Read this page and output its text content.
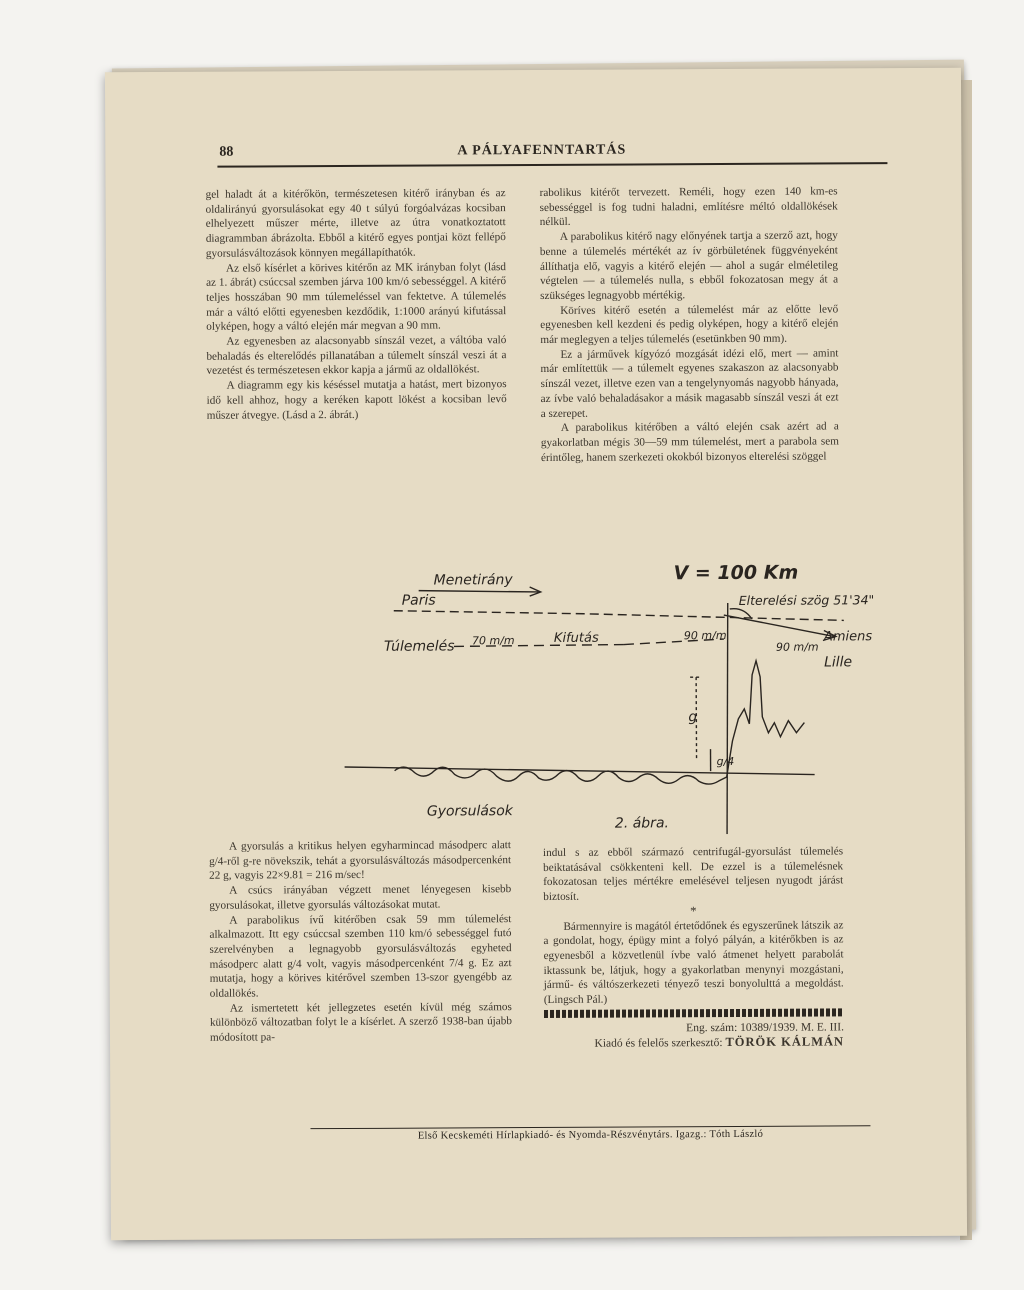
88	A PÁLYAFENNTARTÁS

gel haladt át a kitérőkön, természetesen kitérő irányban és az oldalirányú gyorsulásokat egy 40 t súlyú forgóalvázas kocsiban elhelyezett műszer mérte, illetve az útra vonatkoztatott diagrammban ábrázolta. Ebből a kitérő egyes pontjai közt fellépő gyorsulásváltozások könnyen megállapíthatók.

Az első kísérlet a körives kitérőn az MK irányban folyt (lásd az 1. ábrát) csúccsal szemben járva 100 km/ó sebességgel. A kitérő teljes hosszában 90 mm túlemeléssel van fektetve. A túlemelés már a váltó előtti egyenesben kezdődik, 1:1000 arányú kifutással olyképen, hogy a váltó elején már megvan a 90 mm.

Az egyenesben az alacsonyabb sínszál vezet, a váltóba való behaladás és elterelődés pillanatában a túlemelt sínszál veszi át a vezetést és természetesen ekkor kapja a jármű az oldallökést.

A diagramm egy kis késéssel mutatja a hatást, mert bizonyos idő kell ahhoz, hogy a keréken kapott lökést a kocsiban levő műszer átvegye. (Lásd a 2. ábrát.)

rabolikus kitérőt tervezett. Reméli, hogy ezen 140 km-es sebességgel is fog tudni haladni, említésre méltó oldallökések nélkül.

A parabolikus kitérő nagy előnyének tartja a szerző azt, hogy benne a túlemelés mértékét az ív görbületének függvényeként állíthatja elő, vagyis a kitérő elején — ahol a sugár elméletileg végtelen — a túlemelés nulla, s ebből fokozatosan megy át a szükséges legnagyobb mértékig.

Köríves kitérő esetén a túlemelést már az előtte levő egyenesben kell kezdeni és pedig olyképen, hogy a kitérő elején már meglegyen a teljes túlemelés (esetünkben 90 mm).

Ez a járművek kígyózó mozgását idézi elő, mert — amint már említettük — a túlemelt egyenes szakaszon az alacsonyabb sínszál vezet, illetve ezen van a tengelynyomás nagyobb hányada, az ívbe való behaladásakor a másik magasabb sínszál veszi át ezt a szerepet.

A parabolikus kitérőben a váltó elején csak azért ad a gyakorlatban mégis 30—59 mm túlemelést, mert a parabola sem érintőleg, hanem szerkezeti okokból bizonyos elterelési szöggel

V = 100 Km
Menetirány
Paris	Elterelési szög 51'34"
Amiens
Túlemelés 70 m/m	Kifutás	90 m/m
90 m/m
Lille
g
g/4
Gyorsulások
2. ábra.

A gyorsulás a kritikus helyen egyharmincad másodperc alatt g/4-ről g-re növekszik, tehát a gyorsulásváltozás másodpercenként 22 g, vagyis 22×9.81 = 216 m/sec!

A csúcs irányában végzett menet lényegesen kisebb gyorsulásokat, illetve gyorsulás változásokat mutat.

A parabolikus ívű kitérőben csak 59 mm túlemelést alkalmazott. Itt egy csúccsal szemben 110 km/ó sebességgel futó szerelvényben a legnagyobb gyorsulásváltozás egyheted másodperc alatt g/4 volt, vagyis másodpercenként 7/4 g. Ez azt mutatja, hogy a körives kitérővel szemben 13-szor gyengébb az oldallökés.

Az ismertetett két jellegzetes esetén kívül még számos különböző változatban folyt le a kísérlet. A szerző 1938-ban újabb módosított pa-

indul s az ebből származó centrifugál-gyorsulást túlemelés beiktatásával csökkenteni kell. De ezzel is a túlemelésnek fokozatosan teljes mértékre emelésével teljesen nyugodt járást biztosít.

*

Bármennyire is magától értetődőnek és egyszerűnek látszik az a gondolat, hogy, épügy mint a folyó pályán, a kitérőkben is az egyenesből a közvetlenül ívbe való átmenet helyett parabolát iktassunk be, látjuk, hogy a gyakorlatban menynyi mozgástani, jármű- és váltószerkezeti tényező teszi bonyolulttá a megoldást. (Lingsch Pál.)

Eng. szám: 10389/1939. M. E. III.
Kiadó és felelős szerkesztő: TÖRÖK KÁLMÁN
Első Kecskeméti Hírlapkiadó- és Nyomda-Részvénytárs. Igazg.: Tóth László
